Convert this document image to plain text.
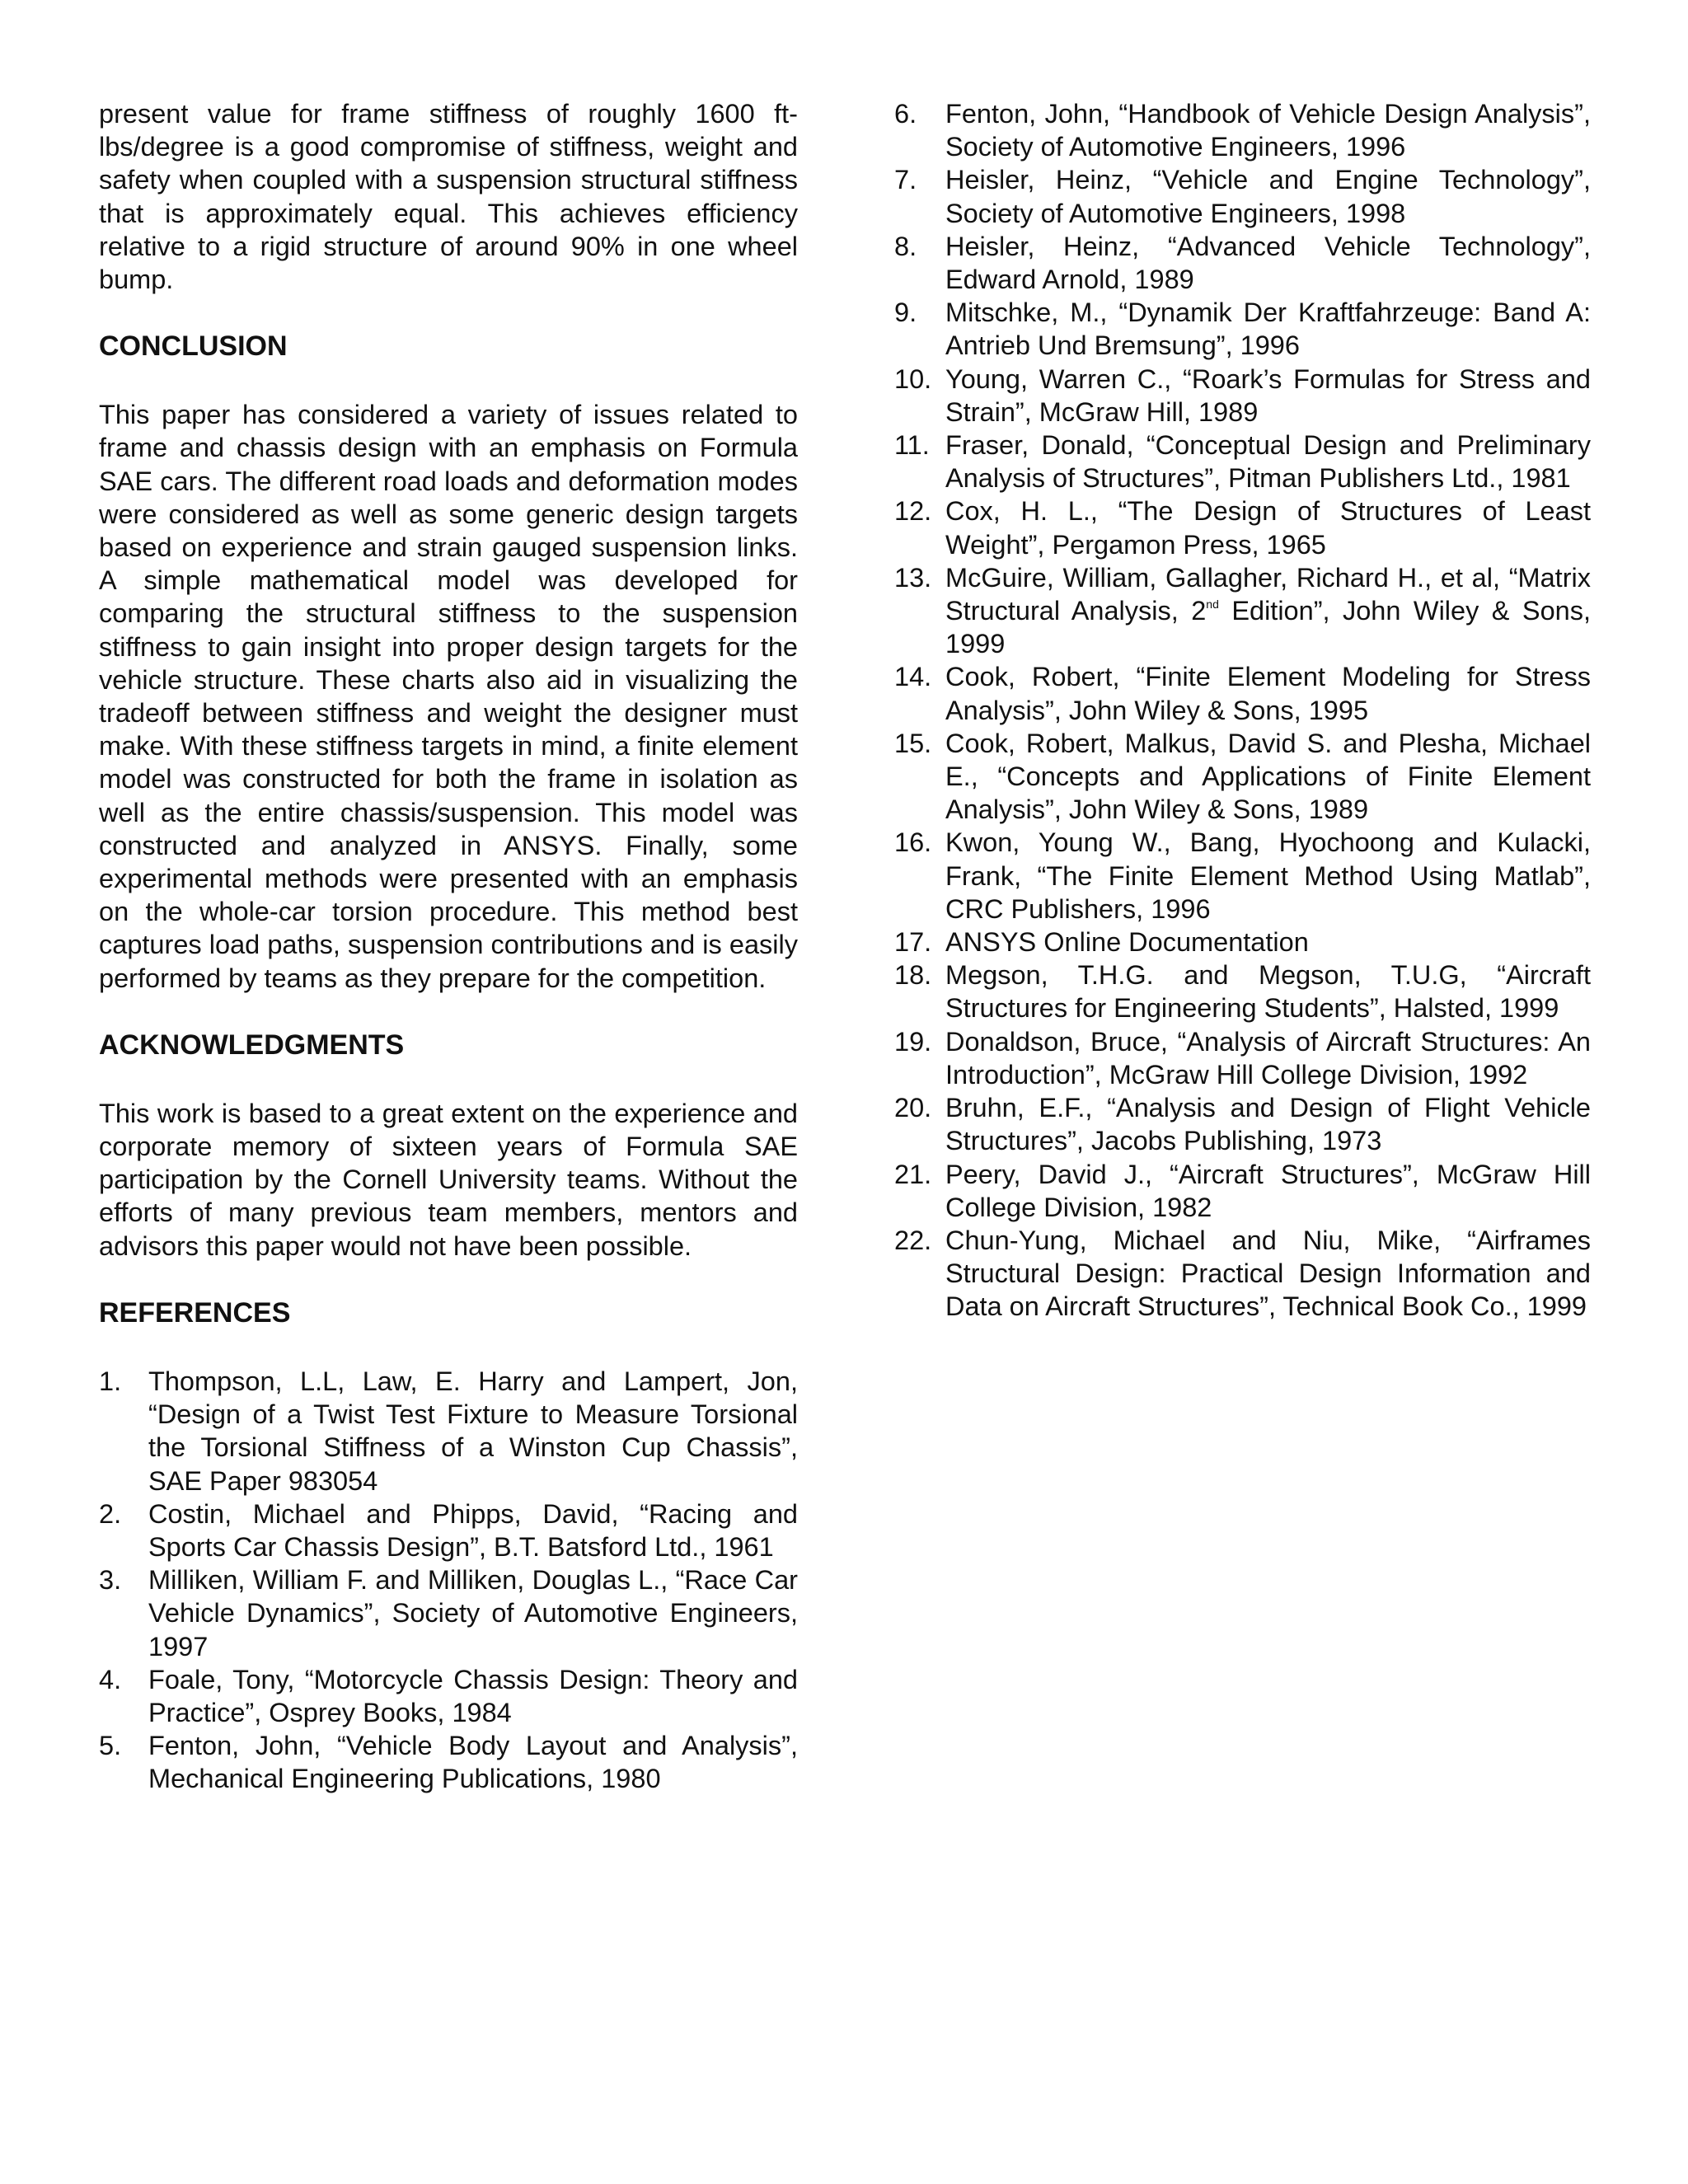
present value for frame stiffness of roughly 1600 ft-lbs/degree is a good compromise of stiffness, weight and safety when coupled with a suspension structural stiffness that is approximately equal. This achieves efficiency relative to a rigid structure of around 90% in one wheel bump.

CONCLUSION

This paper has considered a variety of issues related to frame and chassis design with an emphasis on Formula SAE cars. The different road loads and deformation modes were considered as well as some generic design targets based on experience and strain gauged suspension links. A simple mathematical model was developed for comparing the structural stiffness to the suspension stiffness to gain insight into proper design targets for the vehicle structure. These charts also aid in visualizing the tradeoff between stiffness and weight the designer must make. With these stiffness targets in mind, a finite element model was constructed for both the frame in isolation as well as the entire chassis/suspension. This model was constructed and analyzed in ANSYS. Finally, some experimental methods were presented with an emphasis on the whole-car torsion procedure. This method best captures load paths, suspension contributions and is easily performed by teams as they prepare for the competition.

ACKNOWLEDGMENTS

This work is based to a great extent on the experience and corporate memory of sixteen years of Formula SAE participation by the Cornell University teams. Without the efforts of many previous team members, mentors and advisors this paper would not have been possible.

REFERENCES
1. Thompson, L.L, Law, E. Harry and Lampert, Jon, “Design of a Twist Test Fixture to Measure Torsional the Torsional Stiffness of a Winston Cup Chassis”, SAE Paper 983054
2. Costin, Michael and Phipps, David, “Racing and Sports Car Chassis Design”, B.T. Batsford Ltd., 1961
3. Milliken, William F. and Milliken, Douglas L., “Race Car Vehicle Dynamics”, Society of Automotive Engineers, 1997
4. Foale, Tony, “Motorcycle Chassis Design: Theory and Practice”, Osprey Books, 1984
5. Fenton, John, “Vehicle Body Layout and Analysis”, Mechanical Engineering Publications, 1980
6. Fenton, John, “Handbook of Vehicle Design Analysis”, Society of Automotive Engineers, 1996
7. Heisler, Heinz, “Vehicle and Engine Technology”, Society of Automotive Engineers, 1998
8. Heisler, Heinz, “Advanced Vehicle Technology”, Edward Arnold, 1989
9. Mitschke, M., “Dynamik Der Kraftfahrzeuge: Band A: Antrieb Und Bremsung”, 1996
10. Young, Warren C., “Roark’s Formulas for Stress and Strain”, McGraw Hill, 1989
11. Fraser, Donald, “Conceptual Design and Preliminary Analysis of Structures”, Pitman Publishers Ltd., 1981
12. Cox, H. L., “The Design of Structures of Least Weight”, Pergamon Press, 1965
13. McGuire, William, Gallagher, Richard H., et al, “Matrix Structural Analysis, 2nd Edition”, John Wiley & Sons, 1999
14. Cook, Robert, “Finite Element Modeling for Stress Analysis”, John Wiley & Sons, 1995
15. Cook, Robert, Malkus, David S. and Plesha, Michael E., “Concepts and Applications of Finite Element Analysis”, John Wiley & Sons, 1989
16. Kwon, Young W., Bang, Hyochoong and Kulacki, Frank, “The Finite Element Method Using Matlab”, CRC Publishers, 1996
17. ANSYS Online Documentation
18. Megson, T.H.G. and Megson, T.U.G, “Aircraft Structures for Engineering Students”, Halsted, 1999
19. Donaldson, Bruce, “Analysis of Aircraft Structures: An Introduction”, McGraw Hill College Division, 1992
20. Bruhn, E.F., “Analysis and Design of Flight Vehicle Structures”, Jacobs Publishing, 1973
21. Peery, David J., “Aircraft Structures”, McGraw Hill College Division, 1982
22. Chun-Yung, Michael and Niu, Mike, “Airframes Structural Design: Practical Design Information and Data on Aircraft Structures”, Technical Book Co., 1999
